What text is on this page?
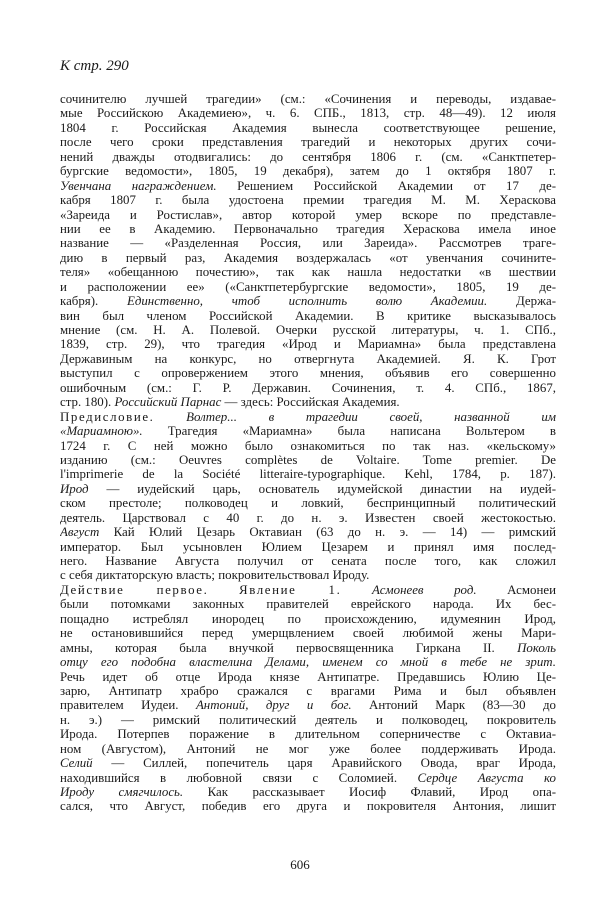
К стр. 290
сочинителю лучшей трагедии» (см.: «Сочинения и переводы, издавае-
мые Российскою Академиею», ч. 6. СПБ., 1813, стр. 48—49). 12 июля
1804 г. Российская Академия вынесла соответствующее решение,
после чего сроки представления трагедий и некоторых других сочи-
нений дважды отодвигались: до сентября 1806 г. (см. «Санктпетер-
бургские ведомости», 1805, 19 декабря), затем до 1 октября 1807 г.
Увенчана награждением. Решением Российской Академии от 17 де-
кабря 1807 г. была удостоена премии трагедия М. М. Хераскова
«Зареида и Ростислав», автор которой умер вскоре по представле-
нии ее в Академию. Первоначально трагедия Хераскова имела иное
название — «Разделенная Россия, или Зареида». Рассмотрев траге-
дию в первый раз, Академия воздержалась «от увенчания сочините-
теля» «обещанною почестию», так как нашла недостатки «в шествии
и расположении ее» («Санктпетербургские ведомости», 1805, 19 де-
кабря). Единственно, чтоб исполнить волю Академии. Держа-
вин был членом Российской Академии. В критике высказывалось
мнение (см. Н. А. Полевой. Очерки русской литературы, ч. 1. СПб.,
1839, стр. 29), что трагедия «Ирод и Мариамна» была представлена
Державиным на конкурс, но отвергнута Академией. Я. К. Грот
выступил с опровержением этого мнения, объявив его совершенно
ошибочным (см.: Г. Р. Державин. Сочинения, т. 4. СПб., 1867,
стр. 180). Российский Парнас — здесь: Российская Академия.
Предисловие. Волтер... в трагедии своей, названной им
«Мариамною». Трагедия «Мариамна» была написана Вольтером в
1724 г. С ней можно было ознакомиться по так наз. «кельскому»
изданию (см.: Oeuvres complètes de Voltaire. Tome premier. De
l'imprimerie de la Société litteraire-typographique. Kehl, 1784, p. 187).
Ирод — иудейский царь, основатель идумейской династии на иудей-
ском престоле; полководец и ловкий, беспринципный политический
деятель. Царствовал с 40 г. до н. э. Известен своей жестокостью.
Август Кай Юлий Цезарь Октавиан (63 до н. э. — 14) — римский
император. Был усыновлен Юлием Цезарем и принял имя послед-
него. Название Августа получил от сената после того, как сложил
с себя диктаторскую власть; покровительствовал Ироду.
Действие первое. Явление 1. Асмонеев род. Асмонеи
были потомками законных правителей еврейского народа. Их бес-
пощадно истреблял инородец по происхождению, идумеянин Ирод,
не остановившийся перед умерщвлением своей любимой жены Мари-
амны, которая была внучкой первосвященника Гиркана II. Поколь
отцу его подобна властелина Делами, именем со мной в тебе не зрит.
Речь идет об отце Ирода князе Антипатре. Предавшись Юлию Це-
зарю, Антипатр храбро сражался с врагами Рима и был объявлен
правителем Иудеи. Антоний, друг и бог. Антоний Марк (83—30 до
н. э.) — римский политический деятель и полководец, покровитель
Ирода. Потерпев поражение в длительном соперничестве с Октавиа-
ном (Августом), Антоний не мог уже более поддерживать Ирода.
Селий — Силлей, попечитель царя Аравийского Овода, враг Ирода,
находившийся в любовной связи с Соломией. Сердце Августа ко
Ироду смягчилось. Как рассказывает Иосиф Флавий, Ирод опа-
сался, что Август, победив его друга и покровителя Антония, лишит
606
